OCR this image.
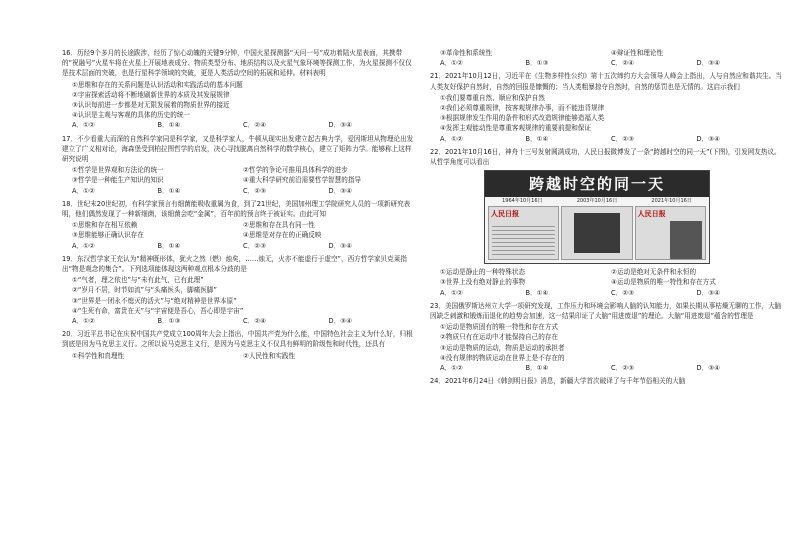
16．历经9个多月的长途跋涉，经历了惊心动魄的关键9分钟，中国火星探测器“天问一号”成功着陆火星表面，其携带的“祝融号”火星车将在火星上开展地表成分、物质类型分布、地质结构以及火星气象环境等探测工作，为火星探测不仅仅是技术层面的突破，也是行星科学领域的突破，更是人类活动空间的拓展和延伸。材料表明
①思维和存在的关系问题是认识活动和实践活动的基本问题
②宇宙探索活动将不断地刷新世界的本质及其发展规律
③认识每前进一步都是对无限发展着的物质世界的接近
④认识是主观与客观的具体的历史的统一
A．①②	B．①④	C．②④	D．③④
17．不少看重大而深的自然科学家同是科学家，又是科学家人，牛顿从现实出发建立起古典力学，爱因斯坦从物理论出发建立了广义相对论，海森堡受到柏拉图哲学的启发，决心寻找脱离自然科学的数学核心，建立了矩阵力学。能够称上这样研究说明
①哲学是世界观和方法论的统一	②哲学的争论可推用具体科学的进步
③哲学是一种能生产知识的知识	④重大科学研究前沿需要哲学智慧的指导
A．①②	B．①④	C．②③	D．③④
18．世纪末20世纪初，有科学家预言有细菌能吸收重属为食，到了21世纪，美国加州理工学院研究人员的一项新研究表明，他们偶然发现了一种新细菌，该细菌会吃“金属”，百年前的预言终于被证实。由此可知
①思维和存在相互依赖	②思维和存在具有同一性
③思维能够正确认识存在	④思维是对存在的正确反映
A．①②	B．①④	C．②③	D．③④
19．东汉哲学家王充认为“精神既形体，犹火之然（燃）烛矣，……烛无，火亦不能虚行于虚空”，西方哲学家贝克莱指出“物是观念的集合”。下列选项能体现这两种观点根本分歧的是
①“气者，理之依也”与“未有此气，已有此理”
②“岁月不居，时节如流”与“头痛医头，脚痛医脚”
③“世界是一团永不熄灭的活火”与“绝对精神是世界本原”
④“生死有命，富贵在天”与“宇宙便是吾心，吾心即是宇宙”
A．①②	B．①③	C．②④	D．③④
20．习近平总书记在庆祝中国共产党成立100周年大会上指出，中国共产党为什么能，中国特色社会主义为什么好，归根到底是因为马克思主义行。之所以说马克思主义行，是因为马克思主义不仅具有鲜明的阶级性和时代性，还具有
①科学性和真理性	②人民性和实践性
③革命性和系统性	④辩证性和理论性
A．①②	B．①③	C．②④	D．③④
21．2021年10月12日，习近平在《生物多样性公约》第十五次缔约方大会领导人峰会上指出，人与自然应和谐共生。当人类友好保护自然时，自然的回报是慷慨的；当人类粗暴掠夺自然时，自然的惩罚也是无情的。这启示我们
①我们要尊重自然、顺应和保护自然
②我们必须尊重规律，按客观规律办事，而不能违背规律
③根据规律发生作用的条件和形式改造规律能够造福人类
④发挥主观能动性是尊重客观规律的重要前提和保证
A．①②	B．①④	C．②③	D．③④
22．2021年10月16日，神舟十三号发射圆满成功，人民日报微博发了一条“跨越时空的同一天”(下图)，引发网友热议。从哲学角度可以看出
跨越时空的同一天
1964年10月16日	2003年10月16日	2021年10月16日
人民日报	人民日报
①运动是静止的一种特殊状态	②运动是绝对无条件和永恒的
③世界上没有绝对静止的事物	④运动是物质的唯一特性和存在方式
A．①②	B．①④	C．②③	D．③④
23．美国俄罗斯达州立大学一项研究发现，工作压力和环境会影响人脑的认知能力，如果长期从事枯燥无聊的工作，大脑因缺乏刺激和锻炼而退化的趋势会加速，这一结果印证了大脑“用进废退”的理论。大脑“用进废退”蕴含的哲理是
①运动是物质固有的唯一特性和存在方式
②物质只有在运动中才能保持自己的存在
③运动是物质的运动，物质是运动的承担者
④没有规律的物质运动在世界上是不存在的
A．①②	B．①④	C．②③	D．③④
24．2021年6月24日《韩剑明日报》消息，新疆大学首次破译了与千年节俗相关的大脑
